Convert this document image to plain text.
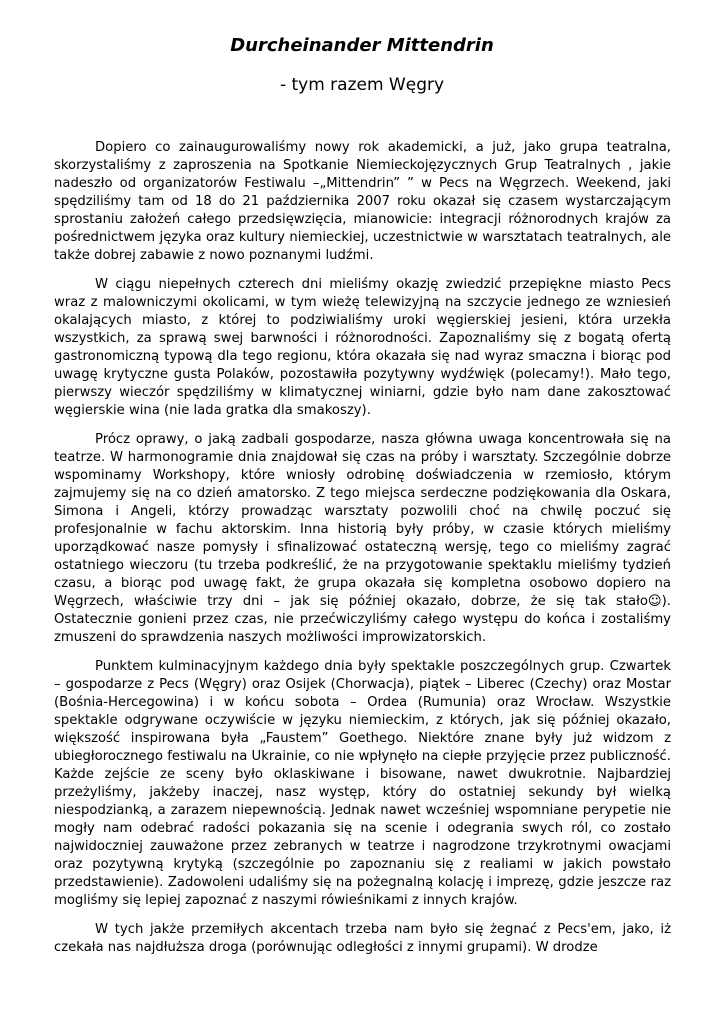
Durcheinander Mittendrin
- tym razem Węgry

Dopiero co zainaugurowaliśmy nowy rok akademicki, a już, jako grupa teatralna, skorzystaliśmy z zaproszenia na Spotkanie Niemieckojęzycznych Grup Teatralnych , jakie nadeszło od organizatorów Festiwalu –„Mittendrin” ” w Pecs na Węgrzech. Weekend, jaki spędziliśmy tam od 18 do 21 października 2007 roku okazał się czasem wystarczającym sprostaniu założeń całego przedsięwzięcia, mianowicie: integracji różnorodnych krajów za pośrednictwem języka oraz kultury niemieckiej, uczestnictwie w warsztatach teatralnych, ale także dobrej zabawie z nowo poznanymi ludźmi.

W ciągu niepełnych czterech dni mieliśmy okazję zwiedzić przepiękne miasto Pecs wraz z malowniczymi okolicami, w tym wieżę telewizyjną na szczycie jednego ze wzniesień okalających miasto, z której to podziwialiśmy uroki węgierskiej jesieni, która urzekła wszystkich, za sprawą swej barwności i różnorodności. Zapoznaliśmy się z bogatą ofertą gastronomiczną typową dla tego regionu, która okazała się nad wyraz smaczna i biorąc pod uwagę krytyczne gusta Polaków, pozostawiła pozytywny wydźwięk (polecamy!). Mało tego, pierwszy wieczór spędziliśmy w klimatycznej winiarni, gdzie było nam dane zakosztować węgierskie wina (nie lada gratka dla smakoszy).

Prócz oprawy, o jaką zadbali gospodarze, nasza główna uwaga koncentrowała się na teatrze. W harmonogramie dnia znajdował się czas na próby i warsztaty. Szczególnie dobrze wspominamy Workshopy, które wniosły odrobinę doświadczenia w rzemiosło, którym zajmujemy się na co dzień amatorsko. Z tego miejsca serdeczne podziękowania dla Oskara, Simona i Angeli, którzy prowadząc warsztaty pozwolili choć na chwilę poczuć się profesjonalnie w fachu aktorskim. Inna historią były próby, w czasie których mieliśmy uporządkować nasze pomysły i sfinalizować ostateczną wersję, tego co mieliśmy zagrać ostatniego wieczoru (tu trzeba podkreślić, że na przygotowanie spektaklu mieliśmy tydzień czasu, a biorąc pod uwagę fakt, że grupa okazała się kompletna osobowo dopiero na Węgrzech, właściwie trzy dni – jak się później okazało, dobrze, że się tak stało☺). Ostatecznie gonieni przez czas, nie przećwiczyliśmy całego występu do końca i zostaliśmy zmuszeni do sprawdzenia naszych możliwości improwizatorskich.

Punktem kulminacyjnym każdego dnia były spektakle poszczególnych grup. Czwartek – gospodarze z Pecs (Węgry) oraz Osijek (Chorwacja), piątek – Liberec (Czechy) oraz Mostar (Bośnia-Hercegowina) i w końcu sobota – Ordea (Rumunia) oraz Wrocław. Wszystkie spektakle odgrywane oczywiście w języku niemieckim, z których, jak się później okazało, większość inspirowana była „Faustem” Goethego. Niektóre znane były już widzom z ubiegłorocznego festiwalu na Ukrainie, co nie wpłynęło na ciepłe przyjęcie przez publiczność. Każde zejście ze sceny było oklaskiwane i bisowane, nawet dwukrotnie. Najbardziej przeżyliśmy, jakżeby inaczej, nasz występ, który do ostatniej sekundy był wielką niespodzianką, a zarazem niepewnością. Jednak nawet wcześniej wspomniane perypetie nie mogły nam odebrać radości pokazania się na scenie i odegrania swych ról, co zostało najwidoczniej zauważone przez zebranych w teatrze i nagrodzone trzykrotnymi owacjami oraz pozytywną krytyką (szczególnie po zapoznaniu się z realiami w jakich powstało przedstawienie). Zadowoleni udaliśmy się na pożegnalną kolację i imprezę, gdzie jeszcze raz mogliśmy się lepiej zapoznać z naszymi rówieśnikami z innych krajów.

W tych jakże przemiłych akcentach trzeba nam było się żegnać z Pecs'em, jako, iż czekała nas najdłuższa droga (porównując odległości z innymi grupami). W drodze
